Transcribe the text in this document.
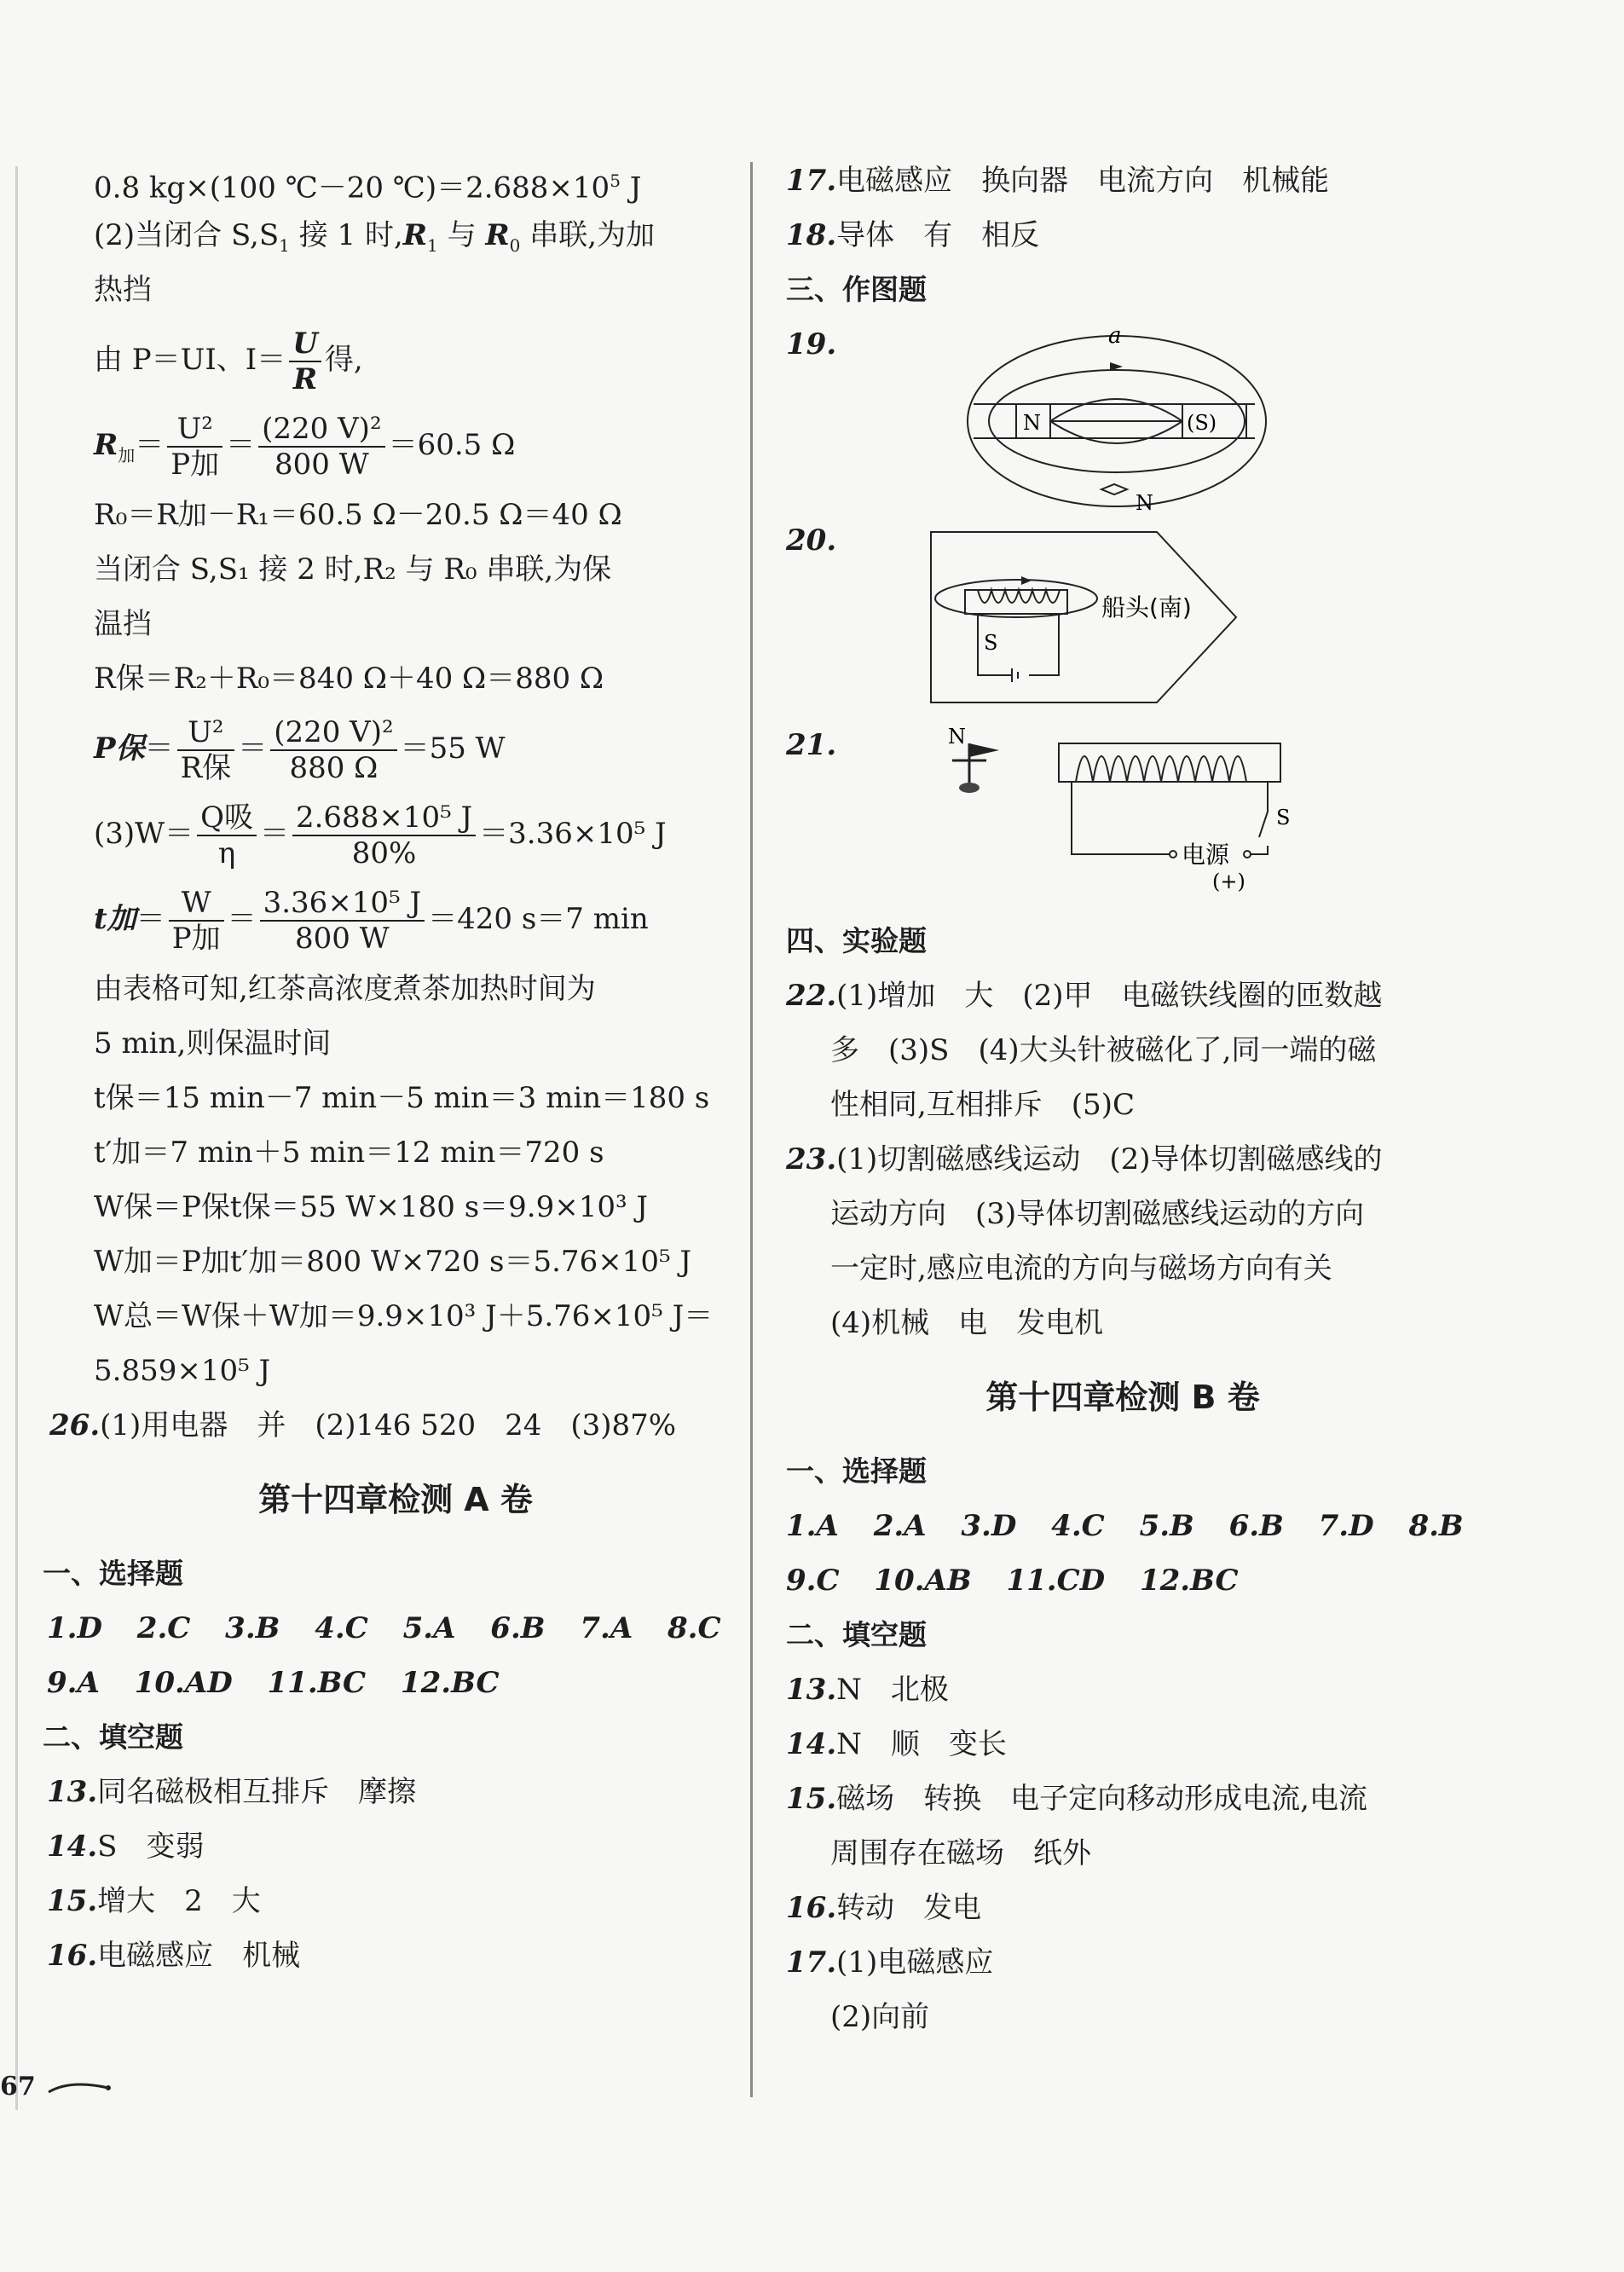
0.8 kg×(100 ℃－20 $℃)=2.688\times 10^5$ J
(2)当闭合 $S,S_1$ 接 1 时$,R_1$ 与 $R_0$ 串联,为加
热挡
由 P＝UI、$I= \frac{U}{R}$ 得,
$R_加= \frac{\text{U²}}{\text{P加}} = \frac{\text{(220 V)²}}{800 W} =60.5$ Ω
R₀＝R加－R₁＝60.5 Ω－20.5 Ω＝40 Ω
当闭合 S,S₁ 接 2 时,R₂ 与 R₀ 串联,为保
温挡
R保＝R₂＋R₀＝840 Ω＋40 Ω＝880 Ω
P保＝ $\frac{\text{U²}}{\text{R保}} = \frac{\text{(220 V)²}}{880 \Omega} =55$ W
$(3)W= \frac{\text{Q吸}}{\eta} = \frac{\text{2.688×10⁵ J}}{80\%} =3.36\times 10^5$ J
t加＝ $\frac{W}{\text{P加}} = \frac{\text{3.36×10⁵ J}}{800 W} =420$ s＝7 min
由表格可知,红茶高浓度煮茶加热时间为
5 min,则保温时间
t保＝15 min－7 min－5 min＝3 min＝180 s
t′加＝7 min＋5 min＝12 min＝720 s
W保＝P保t保＝55 W×180 s＝9.9×10³ J
W加＝P加t′加＝800 W×720 s＝5.76×10⁵ J
W总＝W保＋W加＝9.9×10³ J＋5.76×10⁵ J＝
5.859×10⁵ J
26.(1)用电器　并　(2)146 520　24　(3)87%
第十四章检测 A 卷
一、选择题
1.D 2.C 3.B 4.C 5.A 6.B 7.A 8.C
9.A 10.AD 11.BC 12.BC
二、填空题
13.同名磁极相互排斥　摩擦
14.S　变弱
15.增大　2　大
16.电磁感应　机械
17.电磁感应　换向器　电流方向　机械能
18.导体　有　相反
三、作图题
19.	a
N	(S)
N
20.
S
船头(南)
21.	N
S
电源
(+)
四、实验题
22.(1)增加　大　(2)甲　电磁铁线圈的匝数越
多　(3)S　(4)大头针被磁化了,同一端的磁
性相同,互相排斥　(5)C
23.(1)切割磁感线运动　(2)导体切割磁感线的
运动方向　(3)导体切割磁感线运动的方向
一定时,感应电流的方向与磁场方向有关
(4)机械　电　发电机
第十四章检测 B 卷
一、选择题
1.A 2.A 3.D 4.C 5.B 6.B 7.D 8.B
9.C 10.AB 11.CD 12.BC
二、填空题
13.N　北极
14.N　顺　变长
15.磁场　转换　电子定向移动形成电流,电流
周围存在磁场　纸外
16.转动　发电
17.(1)电磁感应
(2)向前
67
